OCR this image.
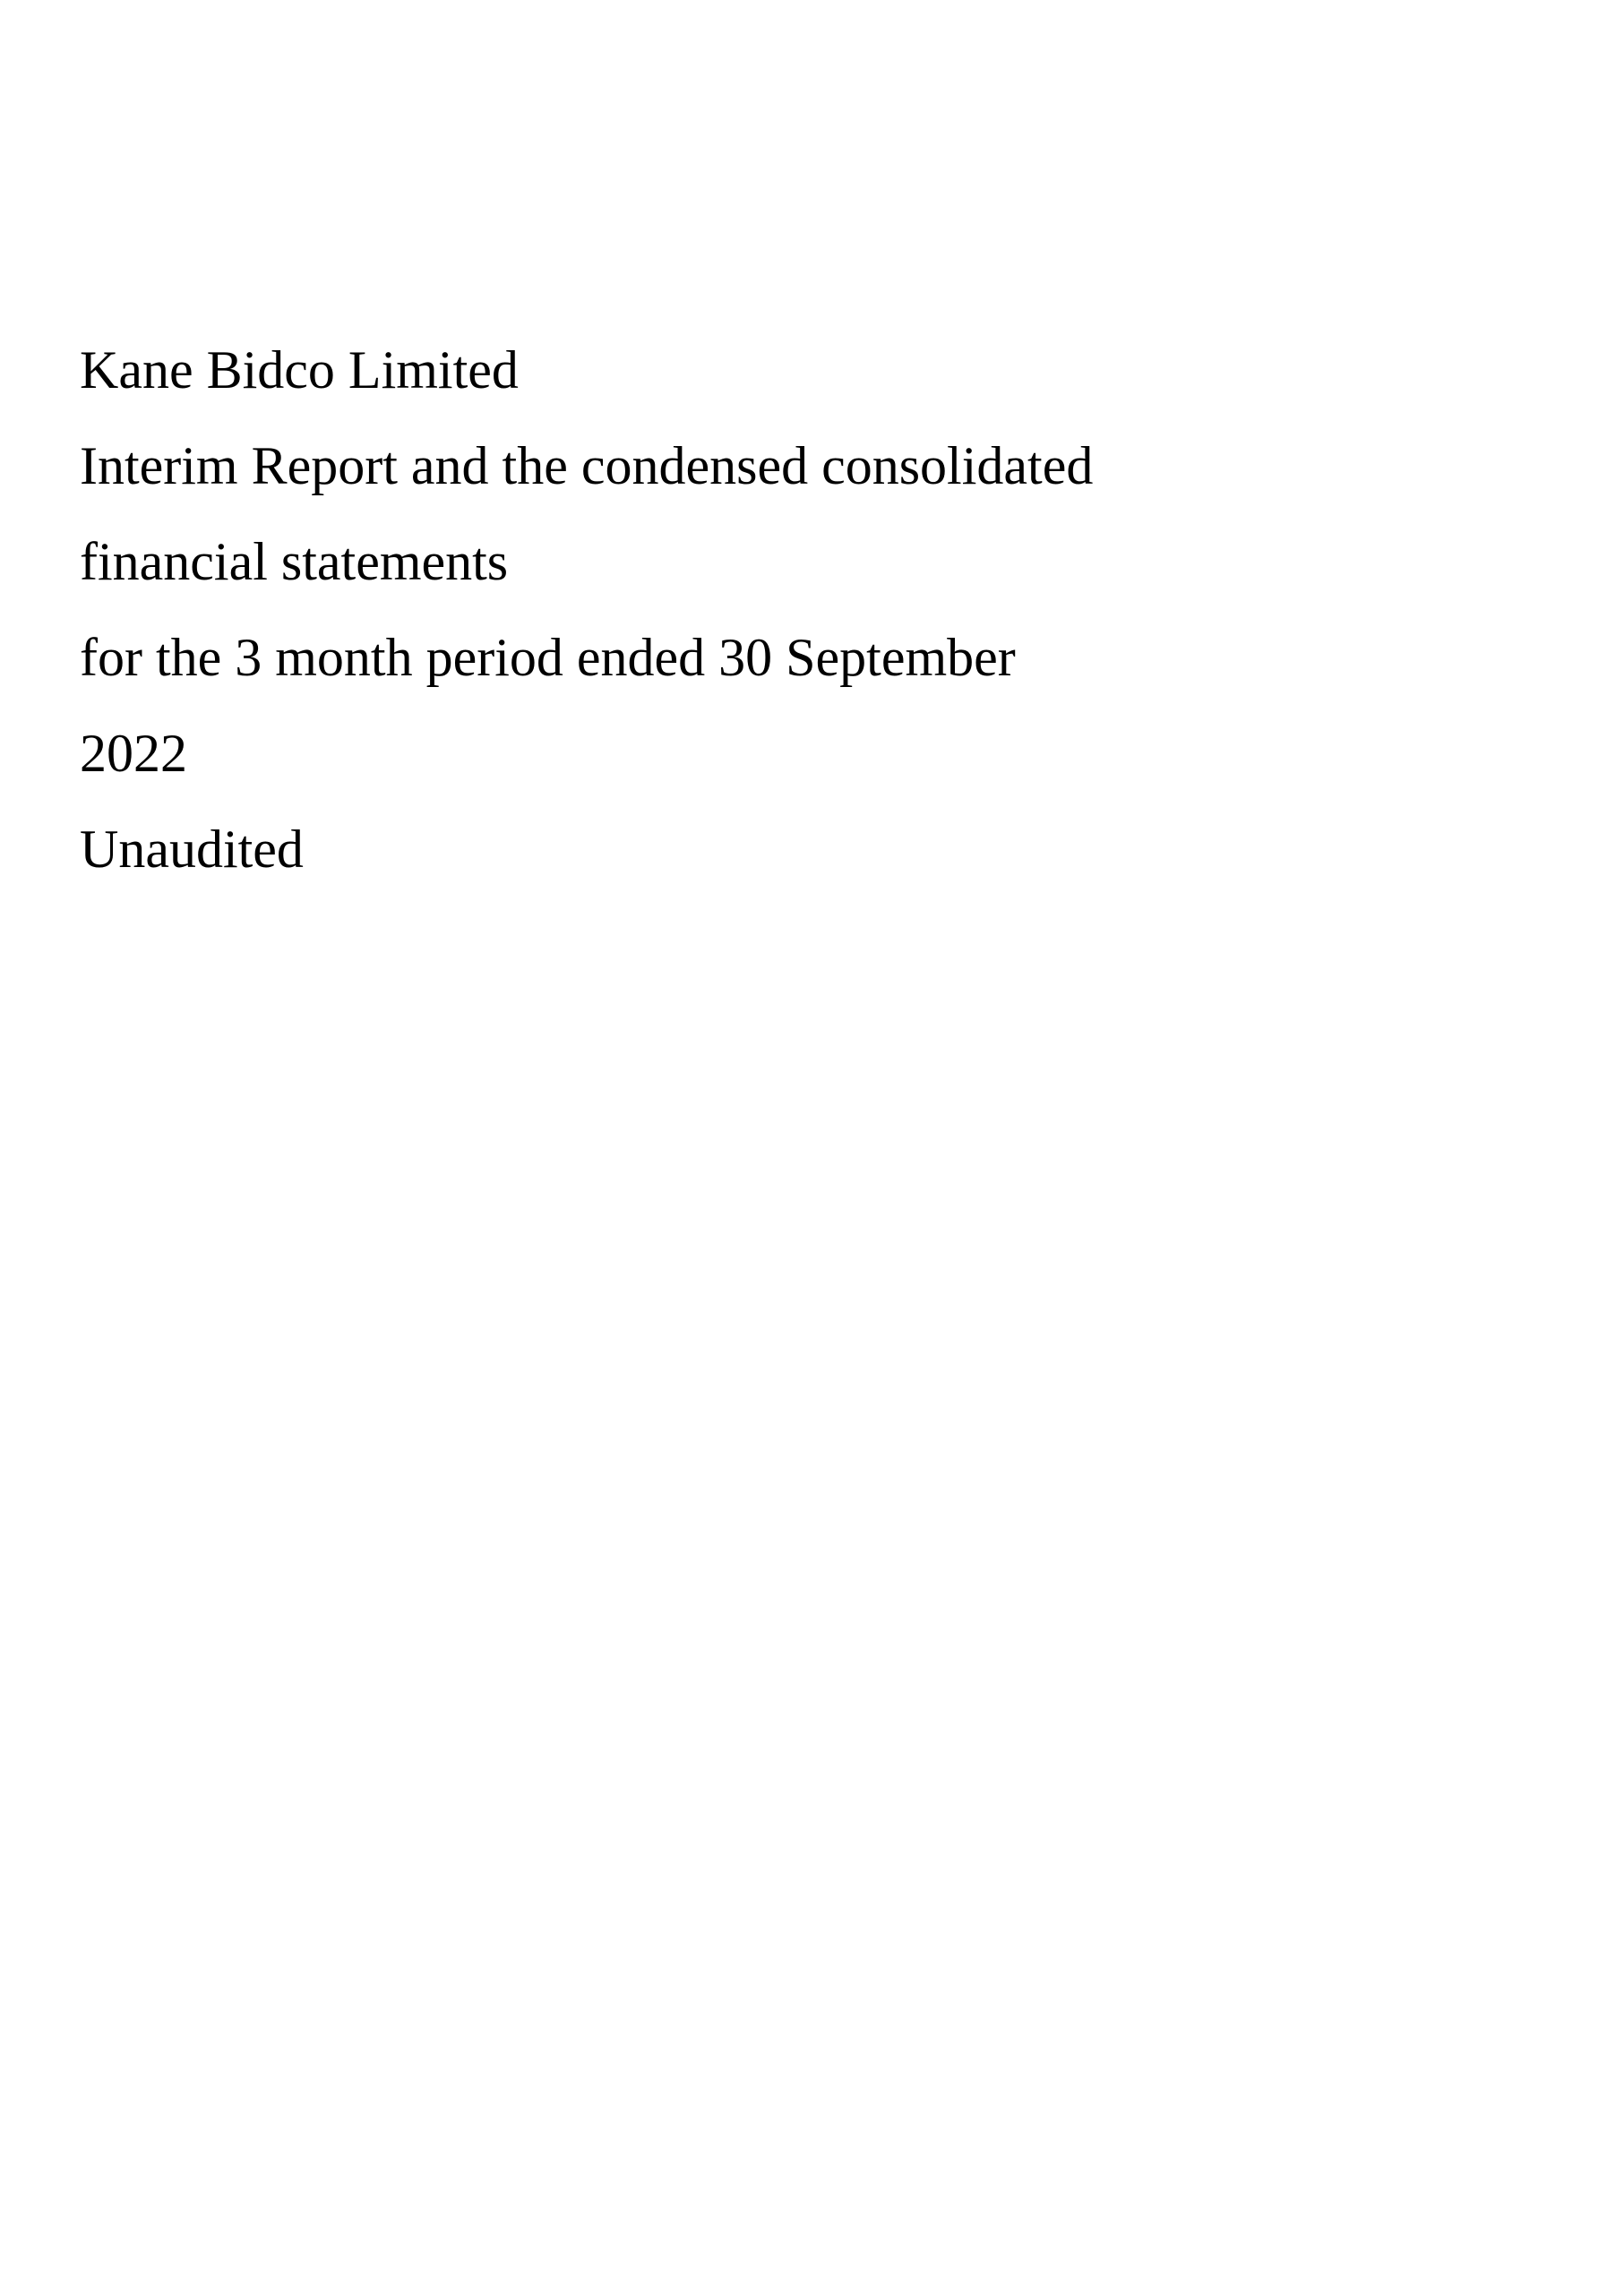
Kane Bidco Limited
Interim Report and the condensed consolidated
financial statements
for the 3 month period ended 30 September
2022
Unaudited
